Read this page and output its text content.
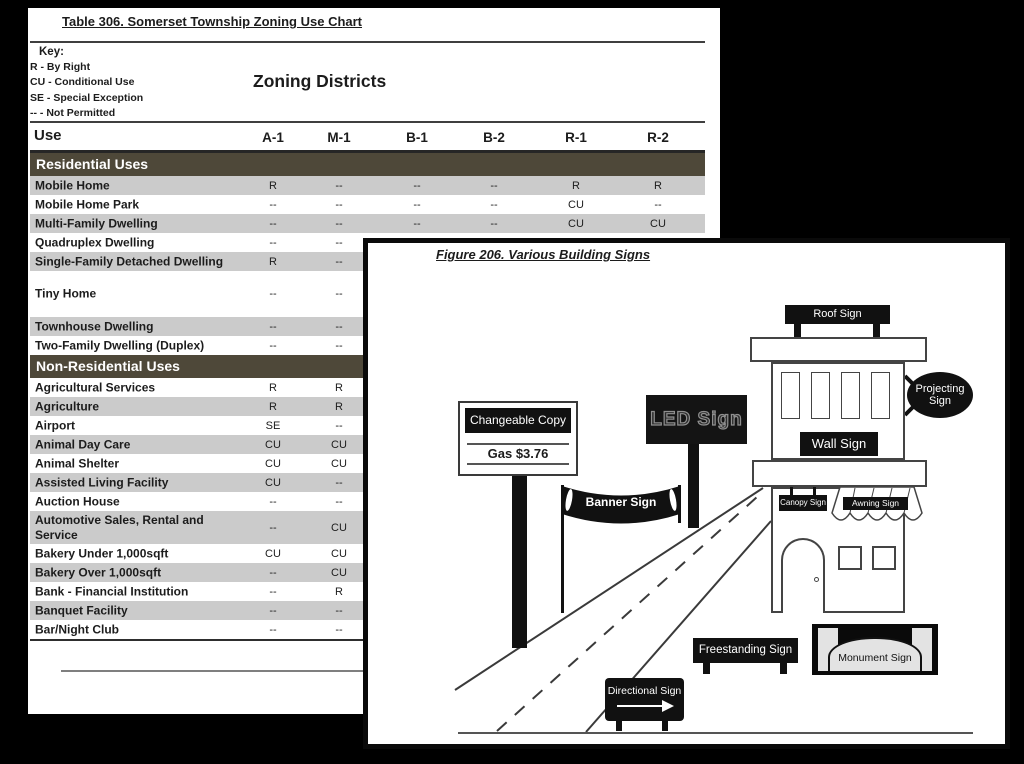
Table 306. Somerset Township Zoning Use Chart
Key:
R - By Right
CU - Conditional Use
SE - Special Exception
-- - Not Permitted
Zoning Districts
Use	A-1	M-1	B-1	B-2	R-1	R-2
Residential Uses
Mobile Home	R	--	--	--	R	R
Mobile Home Park	--	--	--	--	CU	--
Multi-Family Dwelling	--	--	--	--	CU	CU
Quadruplex Dwelling	--	--
Single-Family Detached Dwelling	R	--
Tiny Home	--	--
Townhouse Dwelling	--	--
Two-Family Dwelling (Duplex)	--	--
Non-Residential Uses
Agricultural Services	R	R
Agriculture	R	R
Airport	SE	--
Animal Day Care	CU	CU
Animal Shelter	CU	CU
Assisted Living Facility	CU	--
Auction House	--	--
Automotive Sales, Rental and Service	--	CU
Bakery Under 1,000sqft	CU	CU
Bakery Over 1,000sqft	--	CU
Bank - Financial Institution	--	R
Banquet Facility	--	--
Bar/Night Club	--	--
Figure 206. Various Building Signs
Roof Sign
Projecting
Sign
Wall Sign
Canopy Sign	Awning Sign
LED Sign
Changeable Copy
Gas $3.76
Banner Sign
Freestanding Sign
Monument Sign
Directional Sign
